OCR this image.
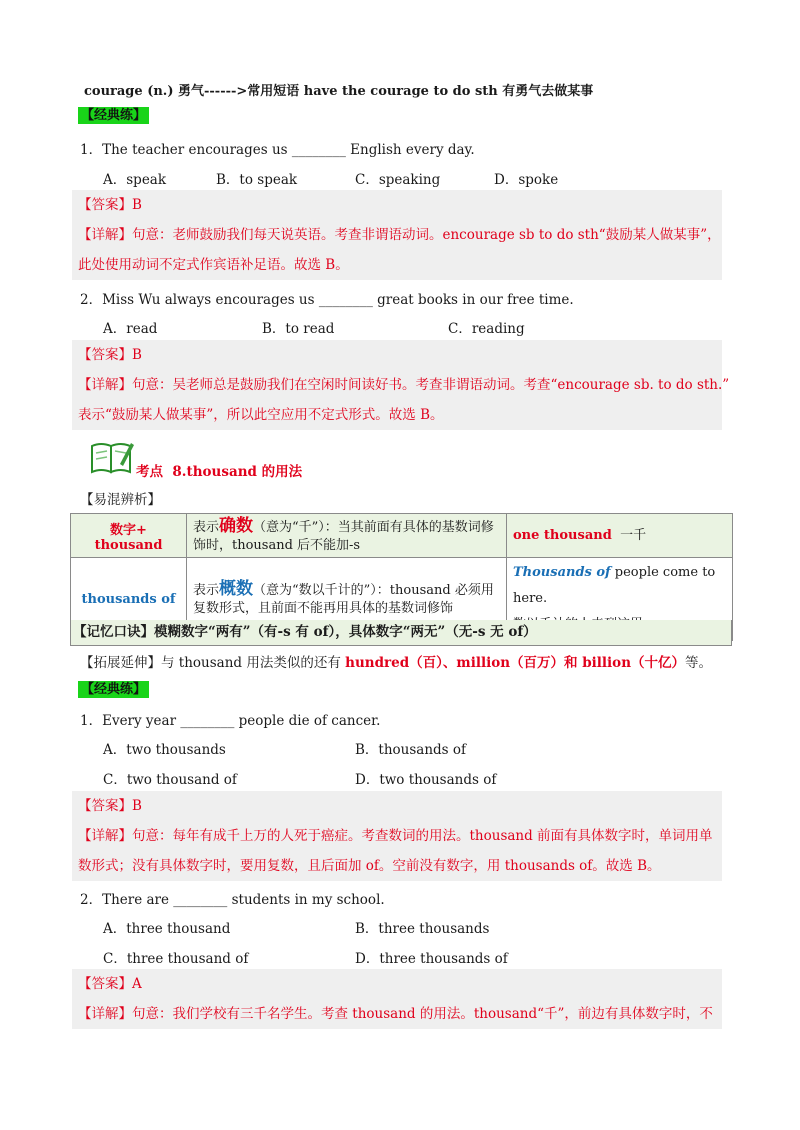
courage (n.) 勇气------>常用短语 have the courage to do sth 有勇气去做某事
【经典练】
1．The teacher encourages us ________ English every day.
A．speak	B．to speak	C．speaking	D．spoke
【答案】B
【详解】句意：老师鼓励我们每天说英语。考查非谓语动词。encourage sb to do sth“鼓励某人做某事”，
此处使用动词不定式作宾语补足语。故选 B。
2．Miss Wu always encourages us ________ great books in our free time.
A．read	B．to read	C．reading
【答案】B
【详解】句意：吴老师总是鼓励我们在空闲时间读好书。考查非谓语动词。考查“encourage sb. to do sth.”
表示“鼓励某人做某事”，所以此空应用不定式形式。故选 B。
考点 8.thousand 的用法
【易混辨析】
数字+ thousand	表示确数（意为“千”）：当其前面有具体的基数词修饰时，thousand 后不能加-s	one thousand 一千
thousands of	表示概数（意为“数以千计的”）：thousand 必须用复数形式，且前面不能再用具体的基数词修饰	Thousands of people come to here.

【记忆口诀】模糊数字“两有”（有-s 有 of），具体数字“两无”（无-s 无 of）
【拓展延伸】与 thousand 用法类似的还有 hundred（百）、million（百万）和 billion（十亿）等。
【经典练】
1．Every year ________ people die of cancer.
A．two thousands	B．thousands of
C．two thousand of	D．two thousands of
【答案】B
【详解】句意：每年有成千上万的人死于癌症。考查数词的用法。thousand 前面有具体数字时，单词用单
数形式；没有具体数字时，要用复数，且后面加 of。空前没有数字，用 thousands of。故选 B。
2．There are ________ students in my school.
A．three thousand	B．three thousands
C．three thousand of	D．three thousands of
【答案】A
【详解】句意：我们学校有三千名学生。考查 thousand 的用法。thousand“千”，前边有具体数字时，不
